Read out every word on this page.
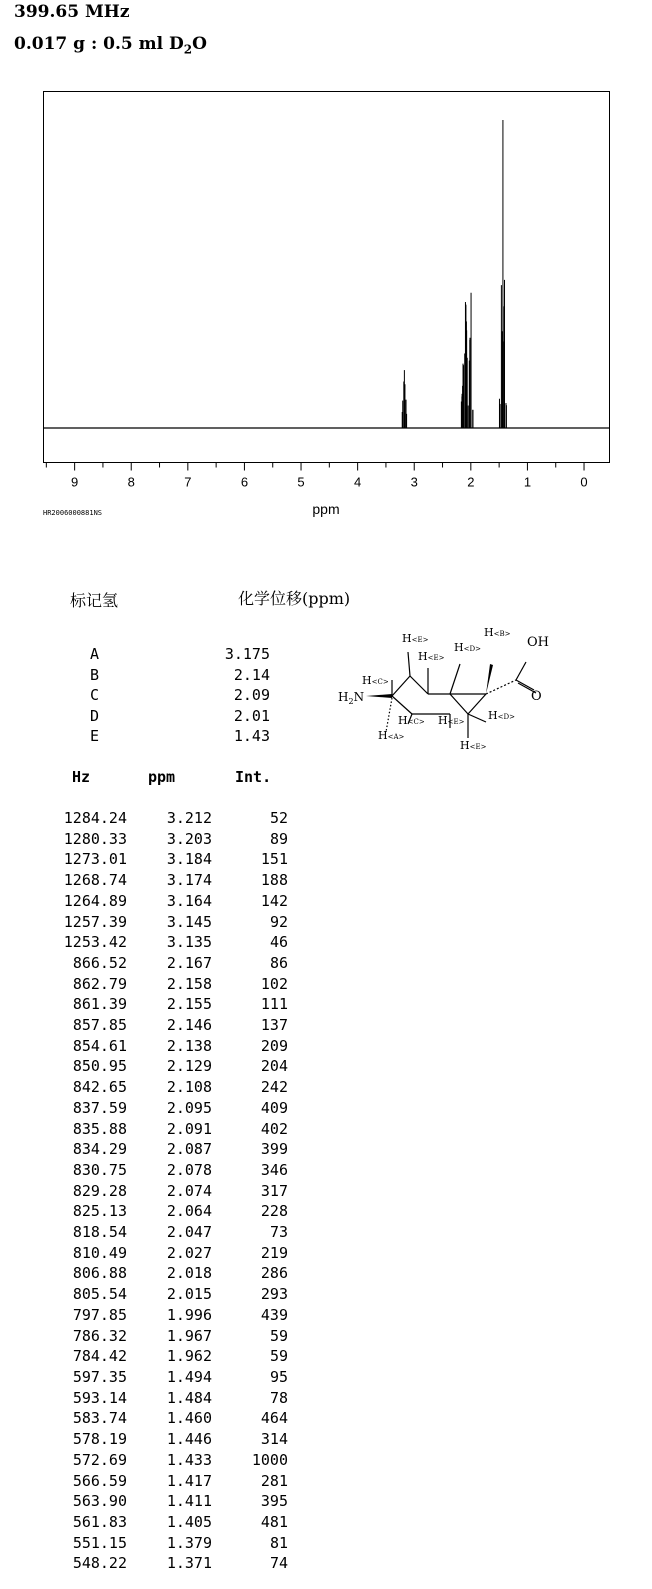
399.65 MHz
0.017 g : 0.5 ml $D_2O$
9	8	7	6	5	4	3	2	1	0
ppm
HR2006000881NS
标记氢	化学位移(ppm)
A	3.175
B	2.14
C	2.09
D	2.01
E	1.43
OH
O
$H_2N$
H<E>
H<B>
H<E>
H<D>
H<C>
H<C> H<E> H<D>
H<A>
H<E>
Hz	ppm	Int.
1284.24	3.212	52
1280.33	3.203	89
1273.01	3.184	151
1268.74	3.174	188
1264.89	3.164	142
1257.39	3.145	92
1253.42	3.135	46
866.52	2.167	86
862.79	2.158	102
861.39	2.155	111
857.85	2.146	137
854.61	2.138	209
850.95	2.129	204
842.65	2.108	242
837.59	2.095	409
835.88	2.091	402
834.29	2.087	399
830.75	2.078	346
829.28	2.074	317
825.13	2.064	228
818.54	2.047	73
810.49	2.027	219
806.88	2.018	286
805.54	2.015	293
797.85	1.996	439
786.32	1.967	59
784.42	1.962	59
597.35	1.494	95
593.14	1.484	78
583.74	1.460	464
578.19	1.446	314
572.69	1.433	1000
566.59	1.417	281
563.90	1.411	395
561.83	1.405	481
551.15	1.379	81
548.22	1.371	74
